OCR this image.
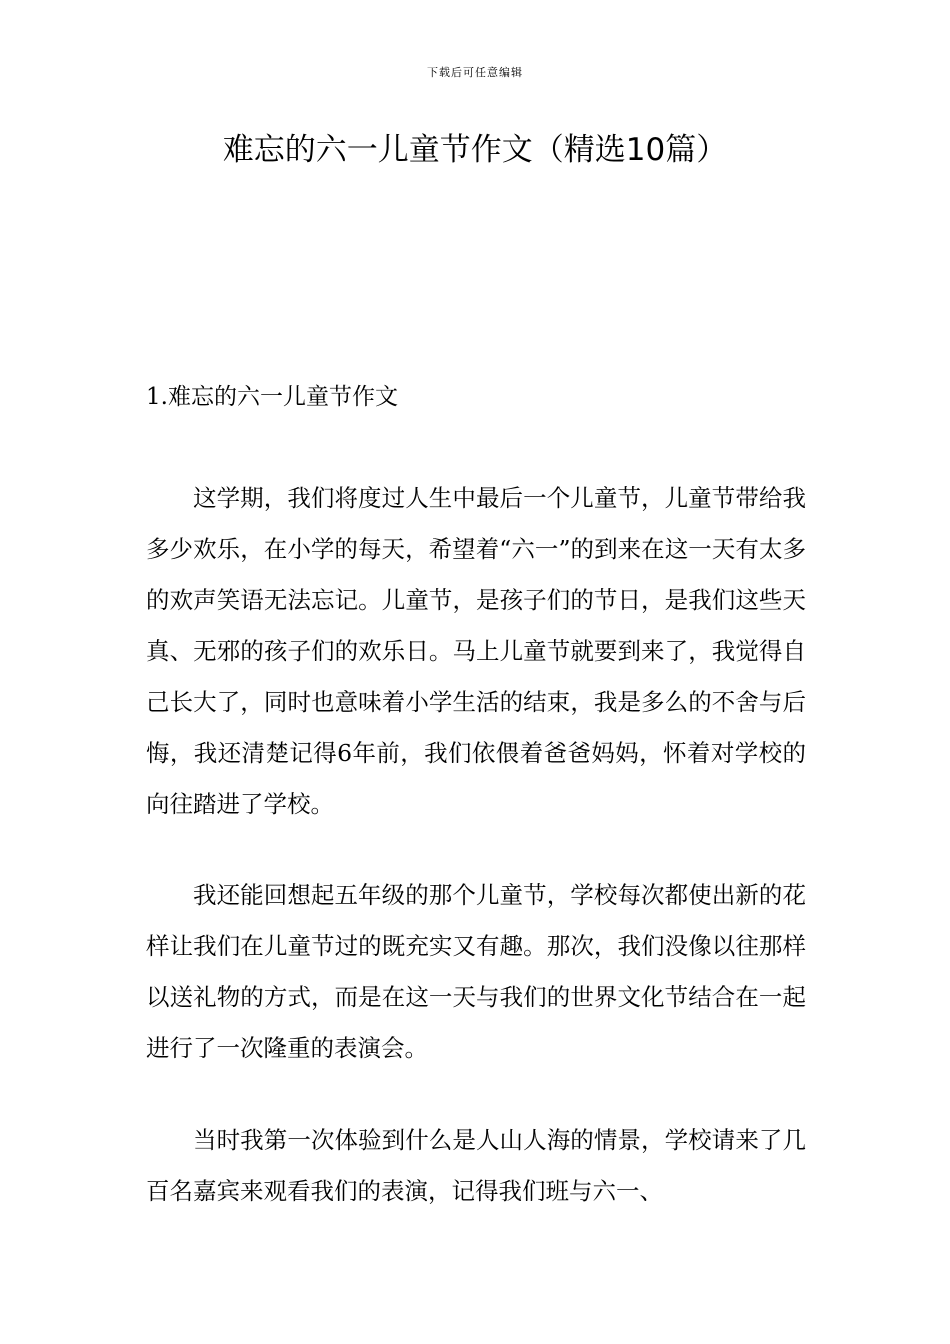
下载后可任意编辑
难忘的六一儿童节作文（精选10篇）
1.难忘的六一儿童节作文

这学期，我们将度过人生中最后一个儿童节，儿童节带给我多少欢乐，在小学的每天，希望着“六一”的到来在这一天有太多的欢声笑语无法忘记。儿童节，是孩子们的节日，是我们这些天真、无邪的孩子们的欢乐日。马上儿童节就要到来了，我觉得自己长大了，同时也意味着小学生活的结束，我是多么的不舍与后悔，我还清楚记得6年前，我们依偎着爸爸妈妈，怀着对学校的向往踏进了学校。

我还能回想起五年级的那个儿童节，学校每次都使出新的花样让我们在儿童节过的既充实又有趣。那次，我们没像以往那样以送礼物的方式，而是在这一天与我们的世界文化节结合在一起进行了一次隆重的表演会。

当时我第一次体验到什么是人山人海的情景，学校请来了几百名嘉宾来观看我们的表演，记得我们班与六一、
